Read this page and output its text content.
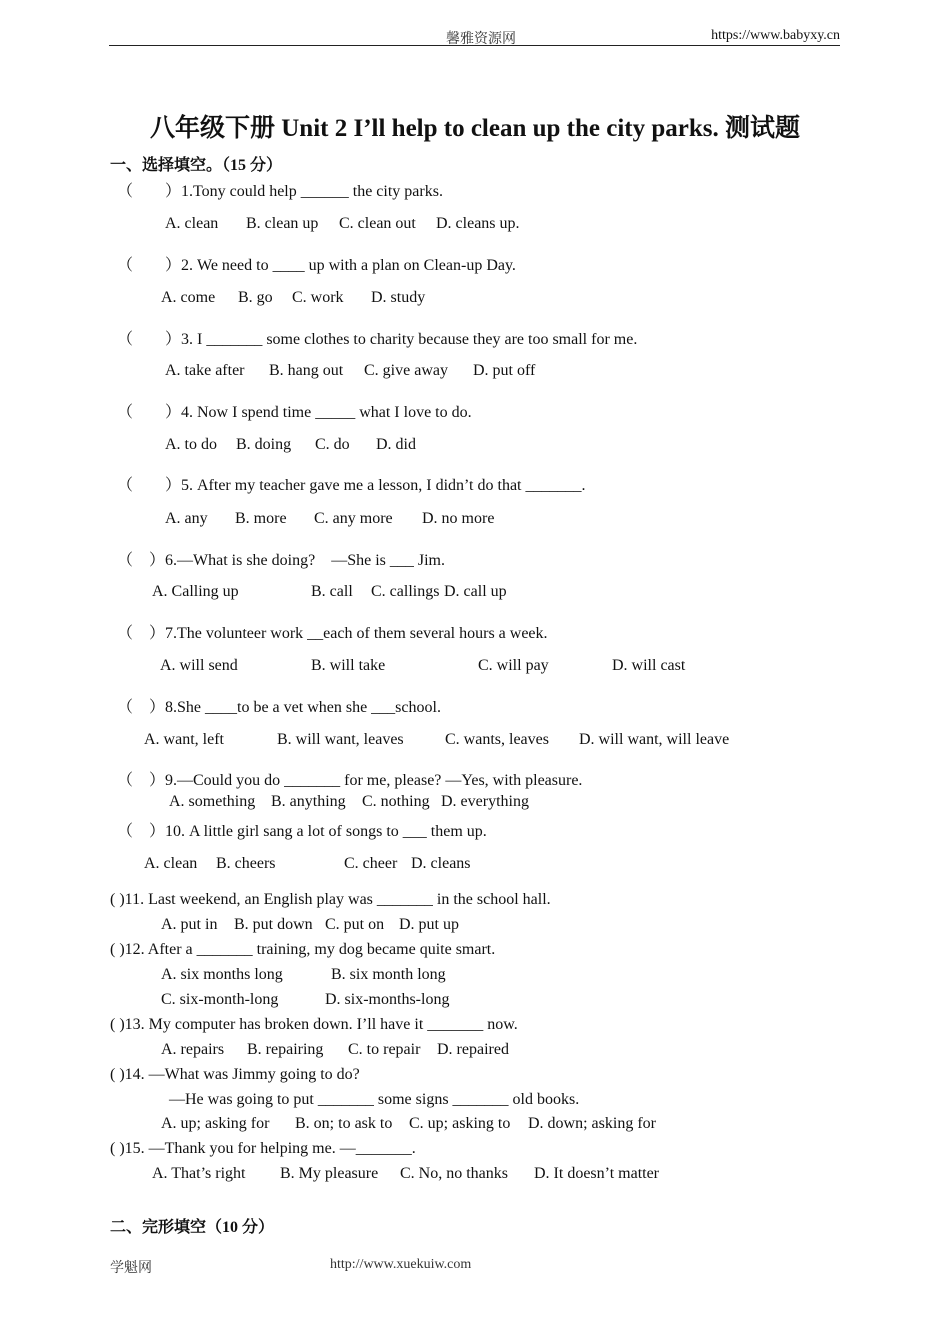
馨雅资源网	https://www.babyxy.cn
八年级下册 Unit 2 I’ll help to clean up the city parks. 测试题
一、选择填空。（15 分）
（　　）1.Tony could help ______ the city parks.
A. clean B. clean up C. clean out D. cleans up.
（　　）2. We need to ____ up with a plan on Clean-up Day.
A. come B. go C. work D. study
（　　）3. I _______ some clothes to charity because they are too small for me.
A. take after B. hang out C. give away D. put off
（　　）4. Now I spend time _____ what I love to do.
A. to do B. doing C. do D. did
（　　）5. After my teacher gave me a lesson, I didn’t do that _______.
A. any B. more C. any more D. no more
（　）6.—What is she doing?　—She is ___ Jim.
A. Calling up	B. call C. callings D. call up
（　）7.The volunteer work __each of them several hours a week.
A. will send	B. will take	C. will pay	D. will cast
（　）8.She ____to be a vet when she ___school.
A. want, left	B. will want, leaves	C. wants, leaves D. will want, will leave
（　）9.—Could you do _______ for me, please? —Yes, with pleasure.
A. something B. anything C. nothing D. everything
（　）10. A little girl sang a lot of songs to ___ them up.
A. clean B. cheers	C. cheer D. cleans
( )11. Last weekend, an English play was _______ in the school hall.
A. put in B. put down C. put on D. put up
( )12. After a _______ training, my dog became quite smart.
A. six months long	B. six month long
C. six-month-long	D. six-months-long
( )13. My computer has broken down. I’ll have it _______ now.
A. repairs B. repairing C. to repair D. repaired
( )14. —What was Jimmy going to do?
—He was going to put _______ some signs _______ old books.
A. up; asking for B. on; to ask to C. up; asking to D. down; asking for
( )15. —Thank you for helping me. —_______.
A. That’s right B. My pleasure C. No, no thanks D. It doesn’t matter
二、完形填空（10 分）
学魁网	http://www.xuekuiw.com
